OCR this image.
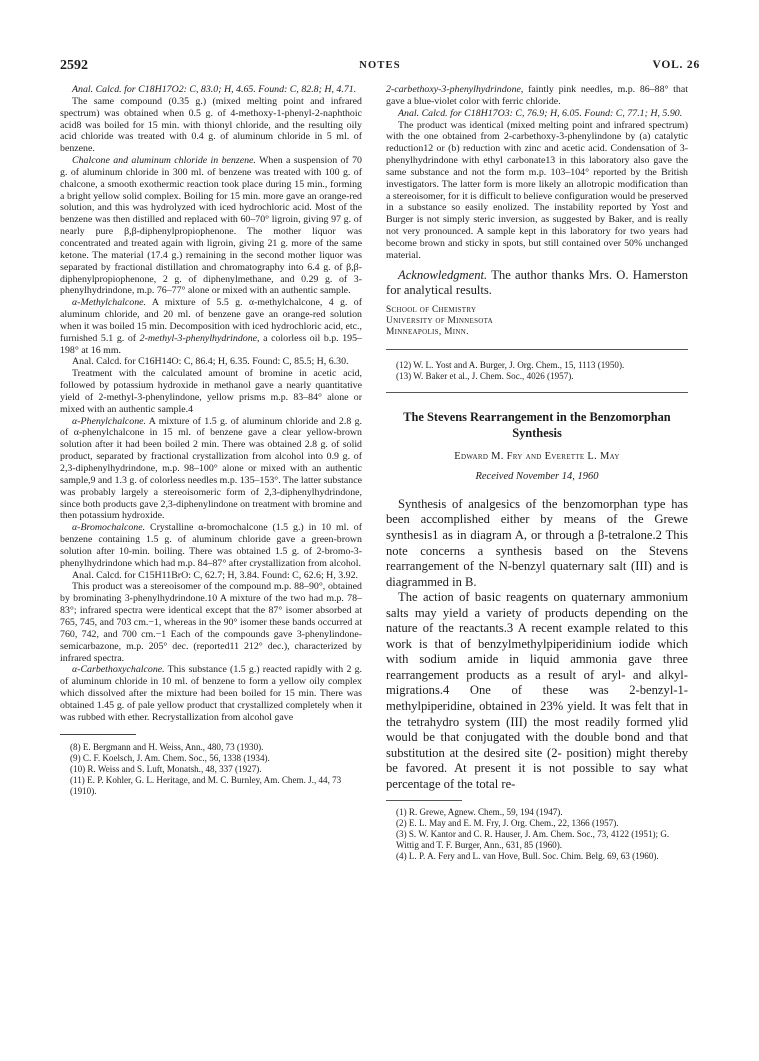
2592	NOTES	VOL. 26

Anal. Calcd. for C18H17O2: C, 83.0; H, 4.65. Found: C, 82.8; H, 4.71.

The same compound (0.35 g.) (mixed melting point and infrared spectrum) was obtained when 0.5 g. of 4-methoxy-1-phenyl-2-naphthoic acid8 was boiled for 15 min. with thionyl chloride, and the resulting oily acid chloride was treated with 0.4 g. of aluminum chloride in 5 ml. of benzene.

Chalcone and aluminum chloride in benzene. When a suspension of 70 g. of aluminum chloride in 300 ml. of benzene was treated with 100 g. of chalcone, a smooth exothermic reaction took place during 15 min., forming a bright yellow solid complex. Boiling for 15 min. more gave an orange-red solution, and this was hydrolyzed with iced hydrochloric acid. Most of the benzene was then distilled and replaced with 60–70° ligroin, giving 97 g. of nearly pure β,β-diphenylpropiophenone. The mother liquor was concentrated and treated again with ligroin, giving 21 g. more of the same ketone. The material (17.4 g.) remaining in the second mother liquor was separated by fractional distillation and chromatography into 6.4 g. of β,β-diphenylpropiophenone, 2 g. of diphenylmethane, and 0.29 g. of 3-phenylhydrindone, m.p. 76–77° alone or mixed with an authentic sample.

α-Methylchalcone. A mixture of 5.5 g. α-methylchalcone, 4 g. of aluminum chloride, and 20 ml. of benzene gave an orange-red solution when it was boiled 15 min. Decomposition with iced hydrochloric acid, etc., furnished 5.1 g. of 2-methyl-3-phenylhydrindone, a colorless oil b.p. 195–198° at 16 mm.

Anal. Calcd. for C16H14O: C, 86.4; H, 6.35. Found: C, 85.5; H, 6.30.

Treatment with the calculated amount of bromine in acetic acid, followed by potassium hydroxide in methanol gave a nearly quantitative yield of 2-methyl-3-phenylindone, yellow prisms m.p. 83–84° alone or mixed with an authentic sample.4

α-Phenylchalcone. A mixture of 1.5 g. of aluminum chloride and 2.8 g. of α-phenylchalcone in 15 ml. of benzene gave a clear yellow-brown solution after it had been boiled 2 min. There was obtained 2.8 g. of solid product, separated by fractional crystallization from alcohol into 0.9 g. of 2,3-diphenylhydrindone, m.p. 98–100° alone or mixed with an authentic sample,9 and 1.3 g. of colorless needles m.p. 135–153°. The latter substance was probably largely a stereoisomeric form of 2,3-diphenylhydrindone, since both products gave 2,3-diphenylindone on treatment with bromine and then potassium hydroxide.

α-Bromochalcone. Crystalline α-bromochalcone (1.5 g.) in 10 ml. of benzene containing 1.5 g. of aluminum chloride gave a green-brown solution after 10-min. boiling. There was obtained 1.5 g. of 2-bromo-3-phenylhydrindone which had m.p. 84–87° after crystallization from alcohol.

Anal. Calcd. for C15H11BrO: C, 62.7; H, 3.84. Found: C, 62.6; H, 3.92.

This product was a stereoisomer of the compound m.p. 88–90°, obtained by brominating 3-phenylhydrindone.10 A mixture of the two had m.p. 78–83°; infrared spectra were identical except that the 87° isomer absorbed at 765, 745, and 703 cm.−1, whereas in the 90° isomer these bands occurred at 760, 742, and 700 cm.−1 Each of the compounds gave 3-phenylindone-semicarbazone, m.p. 205° dec. (reported11 212° dec.), characterized by infrared spectra.

α-Carbethoxychalcone. This substance (1.5 g.) reacted rapidly with 2 g. of aluminum chloride in 10 ml. of benzene to form a yellow oily complex which dissolved after the mixture had been boiled for 15 min. There was obtained 1.45 g. of pale yellow product that crystallized completely when it was rubbed with ether. Recrystallization from alcohol gave

(8) E. Bergmann and H. Weiss, Ann., 480, 73 (1930).

(9) C. F. Koelsch, J. Am. Chem. Soc., 56, 1338 (1934).

(10) R. Weiss and S. Luft, Monatsh., 48, 337 (1927).

(11) E. P. Kohler, G. L. Heritage, and M. C. Burnley, Am. Chem. J., 44, 73 (1910).

2-carbethoxy-3-phenylhydrindone, faintly pink needles, m.p. 86–88° that gave a blue-violet color with ferric chloride.

Anal. Calcd. for C18H17O3: C, 76.9; H, 6.05. Found: C, 77.1; H, 5.90.

The product was identical (mixed melting point and infrared spectrum) with the one obtained from 2-carbethoxy-3-phenylindone by (a) catalytic reduction12 or (b) reduction with zinc and acetic acid. Condensation of 3-phenylhydrindone with ethyl carbonate13 in this laboratory also gave the same substance and not the form m.p. 103–104° reported by the British investigators. The latter form is more likely an allotropic modification than a stereoisomer, for it is difficult to believe configuration would be preserved in a substance so easily enolized. The instability reported by Yost and Burger is not simply steric inversion, as suggested by Baker, and is really not very pronounced. A sample kept in this laboratory for two years had become brown and sticky in spots, but still contained over 50% unchanged material.

Acknowledgment. The author thanks Mrs. O. Hamerston for analytical results.

School of Chemistry

University of Minnesota

Minneapolis, Minn.

(12) W. L. Yost and A. Burger, J. Org. Chem., 15, 1113 (1950).

(13) W. Baker et al., J. Chem. Soc., 4026 (1957).

The Stevens Rearrangement in the Benzomorphan Synthesis
Edward M. Fry and Everette L. May
Received November 14, 1960

Synthesis of analgesics of the benzomorphan type has been accomplished either by means of the Grewe synthesis1 as in diagram A, or through a β-tetralone.2 This note concerns a synthesis based on the Stevens rearrangement of the N-benzyl quaternary salt (III) and is diagrammed in B.

The action of basic reagents on quaternary ammonium salts may yield a variety of products depending on the nature of the reactants.3 A recent example related to this work is that of benzylmethylpiperidinium iodide which with sodium amide in liquid ammonia gave three rearrangement products as a result of aryl- and alkyl-migrations.4 One of these was 2-benzyl-1-methylpiperidine, obtained in 23% yield. It was felt that in the tetrahydro system (III) the most readily formed ylid would be that conjugated with the double bond and that substitution at the desired site (2- position) might thereby be favored. At present it is not possible to say what percentage of the total re-

(1) R. Grewe, Agnew. Chem., 59, 194 (1947).

(2) E. L. May and E. M. Fry, J. Org. Chem., 22, 1366 (1957).

(3) S. W. Kantor and C. R. Hauser, J. Am. Chem. Soc., 73, 4122 (1951); G. Wittig and T. F. Burger, Ann., 631, 85 (1960).

(4) L. P. A. Fery and L. van Hove, Bull. Soc. Chim. Belg. 69, 63 (1960).
